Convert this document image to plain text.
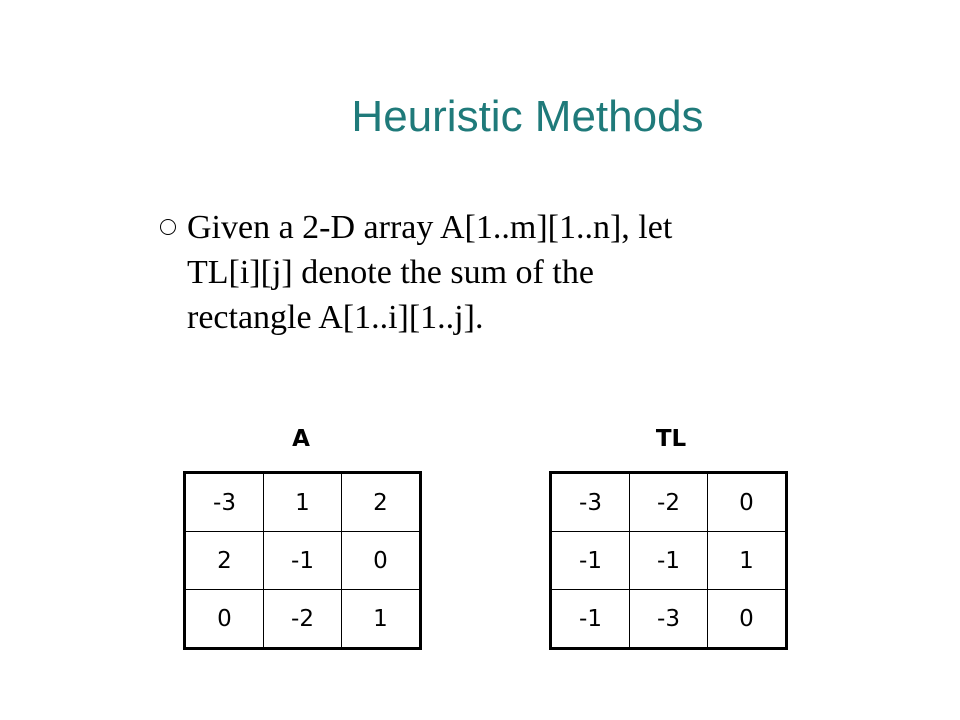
Heuristic Methods
Given a 2-D array A[1..m][1..n], let
TL[i][j] denote the sum of the
rectangle A[1..i][1..j].
A
-3	1	2
2	-1	0
0	-2	1
TL
-3	-2	0
-1	-1	1
-1	-3	0
